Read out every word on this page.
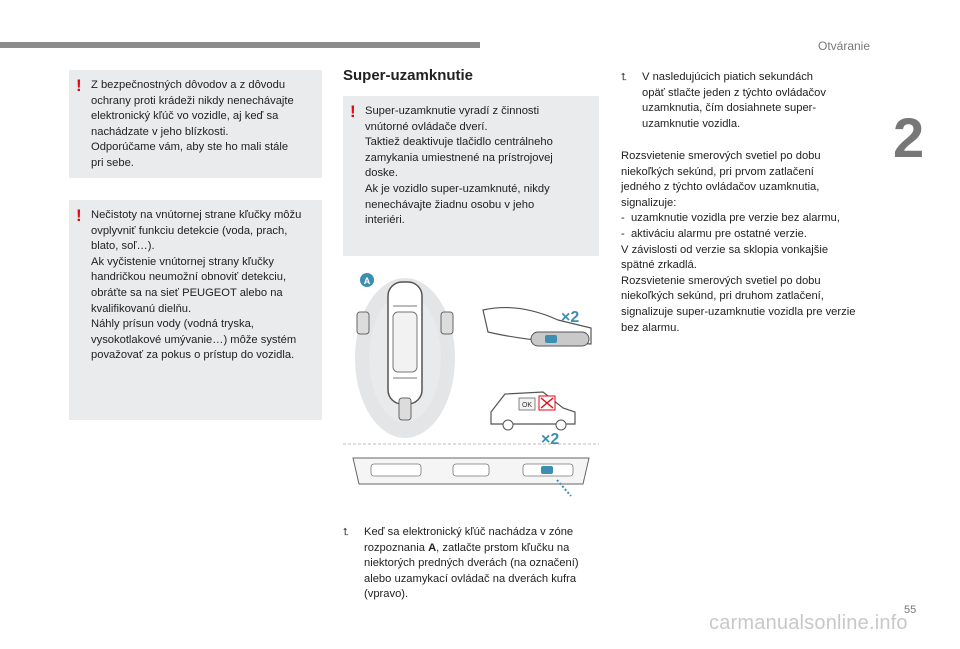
Otváranie
2
! Z bezpečnostných dôvodov a z dôvodu

ochrany proti krádeži nikdy nenechávajte

elektronický kľúč vo vozidle, aj keď sa

nachádzate v jeho blízkosti.

Odporúčame vám, aby ste ho mali stále

pri sebe.

! Nečistoty na vnútornej strane kľučky môžu

ovplyvniť funkciu detekcie (voda, prach,

blato, soľ…).

Ak vyčistenie vnútornej strany kľučky

handričkou neumožní obnoviť detekciu,

obráťte sa na sieť PEUGEOT alebo na

kvalifikovanú dielňu.

Náhly prísun vody (vodná tryska,

vysokotlakové umývanie…) môže systém

považovať za pokus o prístup do vozidla.

Super-uzamknutie
! Super-uzamknutie vyradí z činnosti

vnútorné ovládače dverí.

Taktiež deaktivuje tlačidlo centrálneho

zamykania umiestnené na prístrojovej

doske.

Ak je vozidlo super-uzamknuté, nikdy

nenechávajte žiadnu osobu v jeho

interiéri.

A
×2
OK
×2
⮤ Keď sa elektronický kľúč nachádza v zóne
rozpoznania A, zatlačte prstom kľučku na
niektorých predných dverách (na označení)
alebo uzamykací ovládač na dverách kufra
(vpravo).
⮤ V nasledujúcich piatich sekundách
opäť stlačte jeden z týchto ovládačov
uzamknutia, čím dosiahnete super-
uzamknutie vozidla.

Rozsvietenie smerových svetiel po dobu

niekoľkých sekúnd, pri prvom zatlačení

jedného z týchto ovládačov uzamknutia,

signalizuje:

-  uzamknutie vozidla pre verzie bez alarmu,

-  aktiváciu alarmu pre ostatné verzie.

V závislosti od verzie sa sklopia vonkajšie

spätné zrkadlá.

Rozsvietenie smerových svetiel po dobu

niekoľkých sekúnd, pri druhom zatlačení,

signalizuje super-uzamknutie vozidla pre verzie

bez alarmu.

55
carmanualsonline.info
